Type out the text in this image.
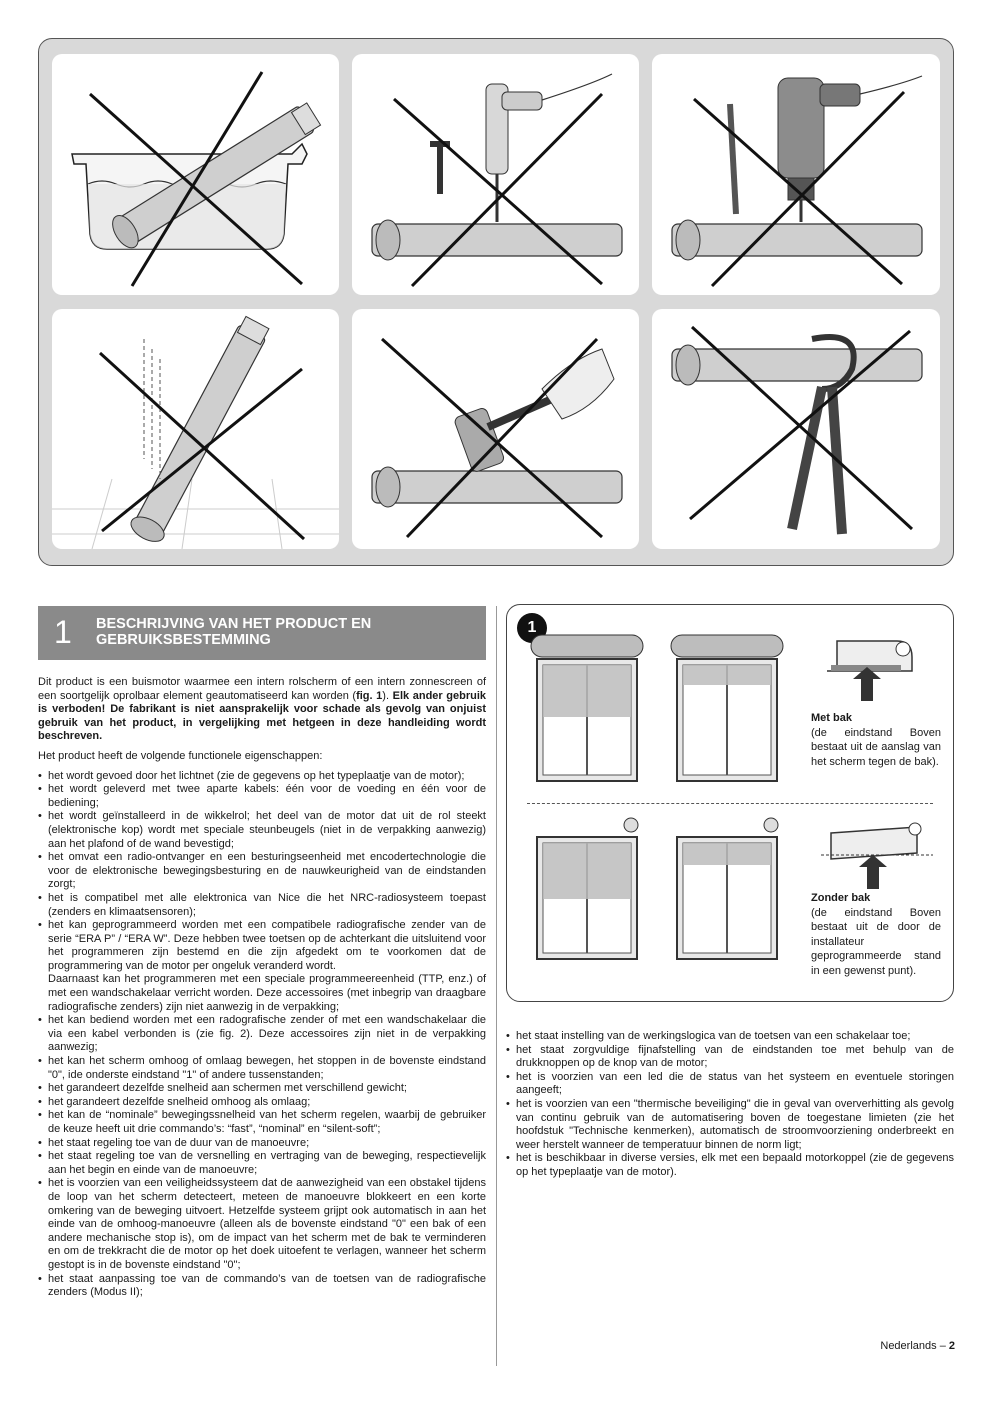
1 BESCHRIJVING VAN HET PRODUCT EN GEBRUIKSBESTEMMING

Dit product is een buismotor waarmee een intern rolscherm of een intern zonnescreen of een soortgelijk oprolbaar element geautomatiseerd kan worden (fig. 1). Elk ander gebruik is verboden! De fabrikant is niet aansprakelijk voor schade als gevolg van onjuist gebruik van het product, in vergelijking met hetgeen in deze handleiding wordt beschreven.

Het product heeft de volgende functionele eigenschappen:

• het wordt gevoed door het lichtnet (zie de gegevens op het typeplaatje van de motor);
• het wordt geleverd met twee aparte kabels: één voor de voeding en één voor de bediening;
• het wordt geïnstalleerd in de wikkelrol; het deel van de motor dat uit de rol steekt (elektronische kop) wordt met speciale steunbeugels (niet in de verpakking aanwezig) aan het plafond of de wand bevestigd;
• het omvat een radio-ontvanger en een besturingseenheid met encodertechnologie die voor de elektronische bewegingsbesturing en de nauwkeurigheid van de eindstanden zorgt;
• het is compatibel met alle elektronica van Nice die het NRC-radiosysteem toepast (zenders en klimaatsensoren);
• het kan geprogrammeerd worden met een compatibele radiografische zender van de serie “ERA P” / “ERA W”. Deze hebben twee toetsen op de achterkant die uitsluitend voor het programmeren zijn bestemd en die zijn afgedekt om te voorkomen dat de programmering van de motor per ongeluk veranderd wordt.
Daarnaast kan het programmeren met een speciale programmeereenheid (TTP, enz.) of met een wandschakelaar verricht worden. Deze accessoires (met inbegrip van draagbare radiografische zenders) zijn niet aanwezig in de verpakking;
• het kan bediend worden met een radografische zender of met een wandschakelaar die via een kabel verbonden is (zie fig. 2). Deze accessoires zijn niet in de verpakking aanwezig;
• het kan het scherm omhoog of omlaag bewegen, het stoppen in de bovenste eindstand "0", ide onderste eindstand "1" of andere tussenstanden;
• het garandeert dezelfde snelheid aan schermen met verschillend gewicht;
• het garandeert dezelfde snelheid omhoog als omlaag;
• het kan de “nominale” bewegingssnelheid van het scherm regelen, waarbij de gebruiker de keuze heeft uit drie commando’s: “fast”, “nominal” en “silent-soft”;
• het staat regeling toe van de duur van de manoeuvre;
• het staat regeling toe van de versnelling en vertraging van de beweging, respectievelijk aan het begin en einde van de manoeuvre;
• het is voorzien van een veiligheidssysteem dat de aanwezigheid van een obstakel tijdens de loop van het scherm detecteert, meteen de manoeuvre blokkeert en een korte omkering van de beweging uitvoert. Hetzelfde systeem grijpt ook automatisch in aan het einde van de omhoog-manoeuvre (alleen als de bovenste eindstand "0" een bak of een andere mechanische stop is), om de impact van het scherm met de bak te verminderen en om de trekkracht die de motor op het doek uitoefent te verlagen, wanneer het scherm gestopt is in de bovenste eindstand "0";
• het staat aanpassing toe van de commando’s van de toetsen van de radiografische zenders (Modus II);
1
Met bak
(de eindstand Boven bestaat uit de aanslag van het scherm tegen de bak).
Zonder bak
(de eindstand Boven bestaat uit de door de installateur geprogrammeerde stand in een gewenst punt).
• het staat instelling van de werkingslogica van de toetsen van een schakelaar toe;
• het staat zorgvuldige fijnafstelling van de eindstanden toe met behulp van de drukknoppen op de knop van de motor;
• het is voorzien van een led die de status van het systeem en eventuele storingen aangeeft;
• het is voorzien van een "thermische beveiliging" die in geval van oververhitting als gevolg van continu gebruik van de automatisering boven de toegestane limieten (zie het hoofdstuk "Technische kenmerken), automatisch de stroomvoorziening onderbreekt en weer herstelt wanneer de temperatuur binnen de norm ligt;
• het is beschikbaar in diverse versies, elk met een bepaald motorkoppel (zie de gegevens op het typeplaatje van de motor).
Nederlands – 2
